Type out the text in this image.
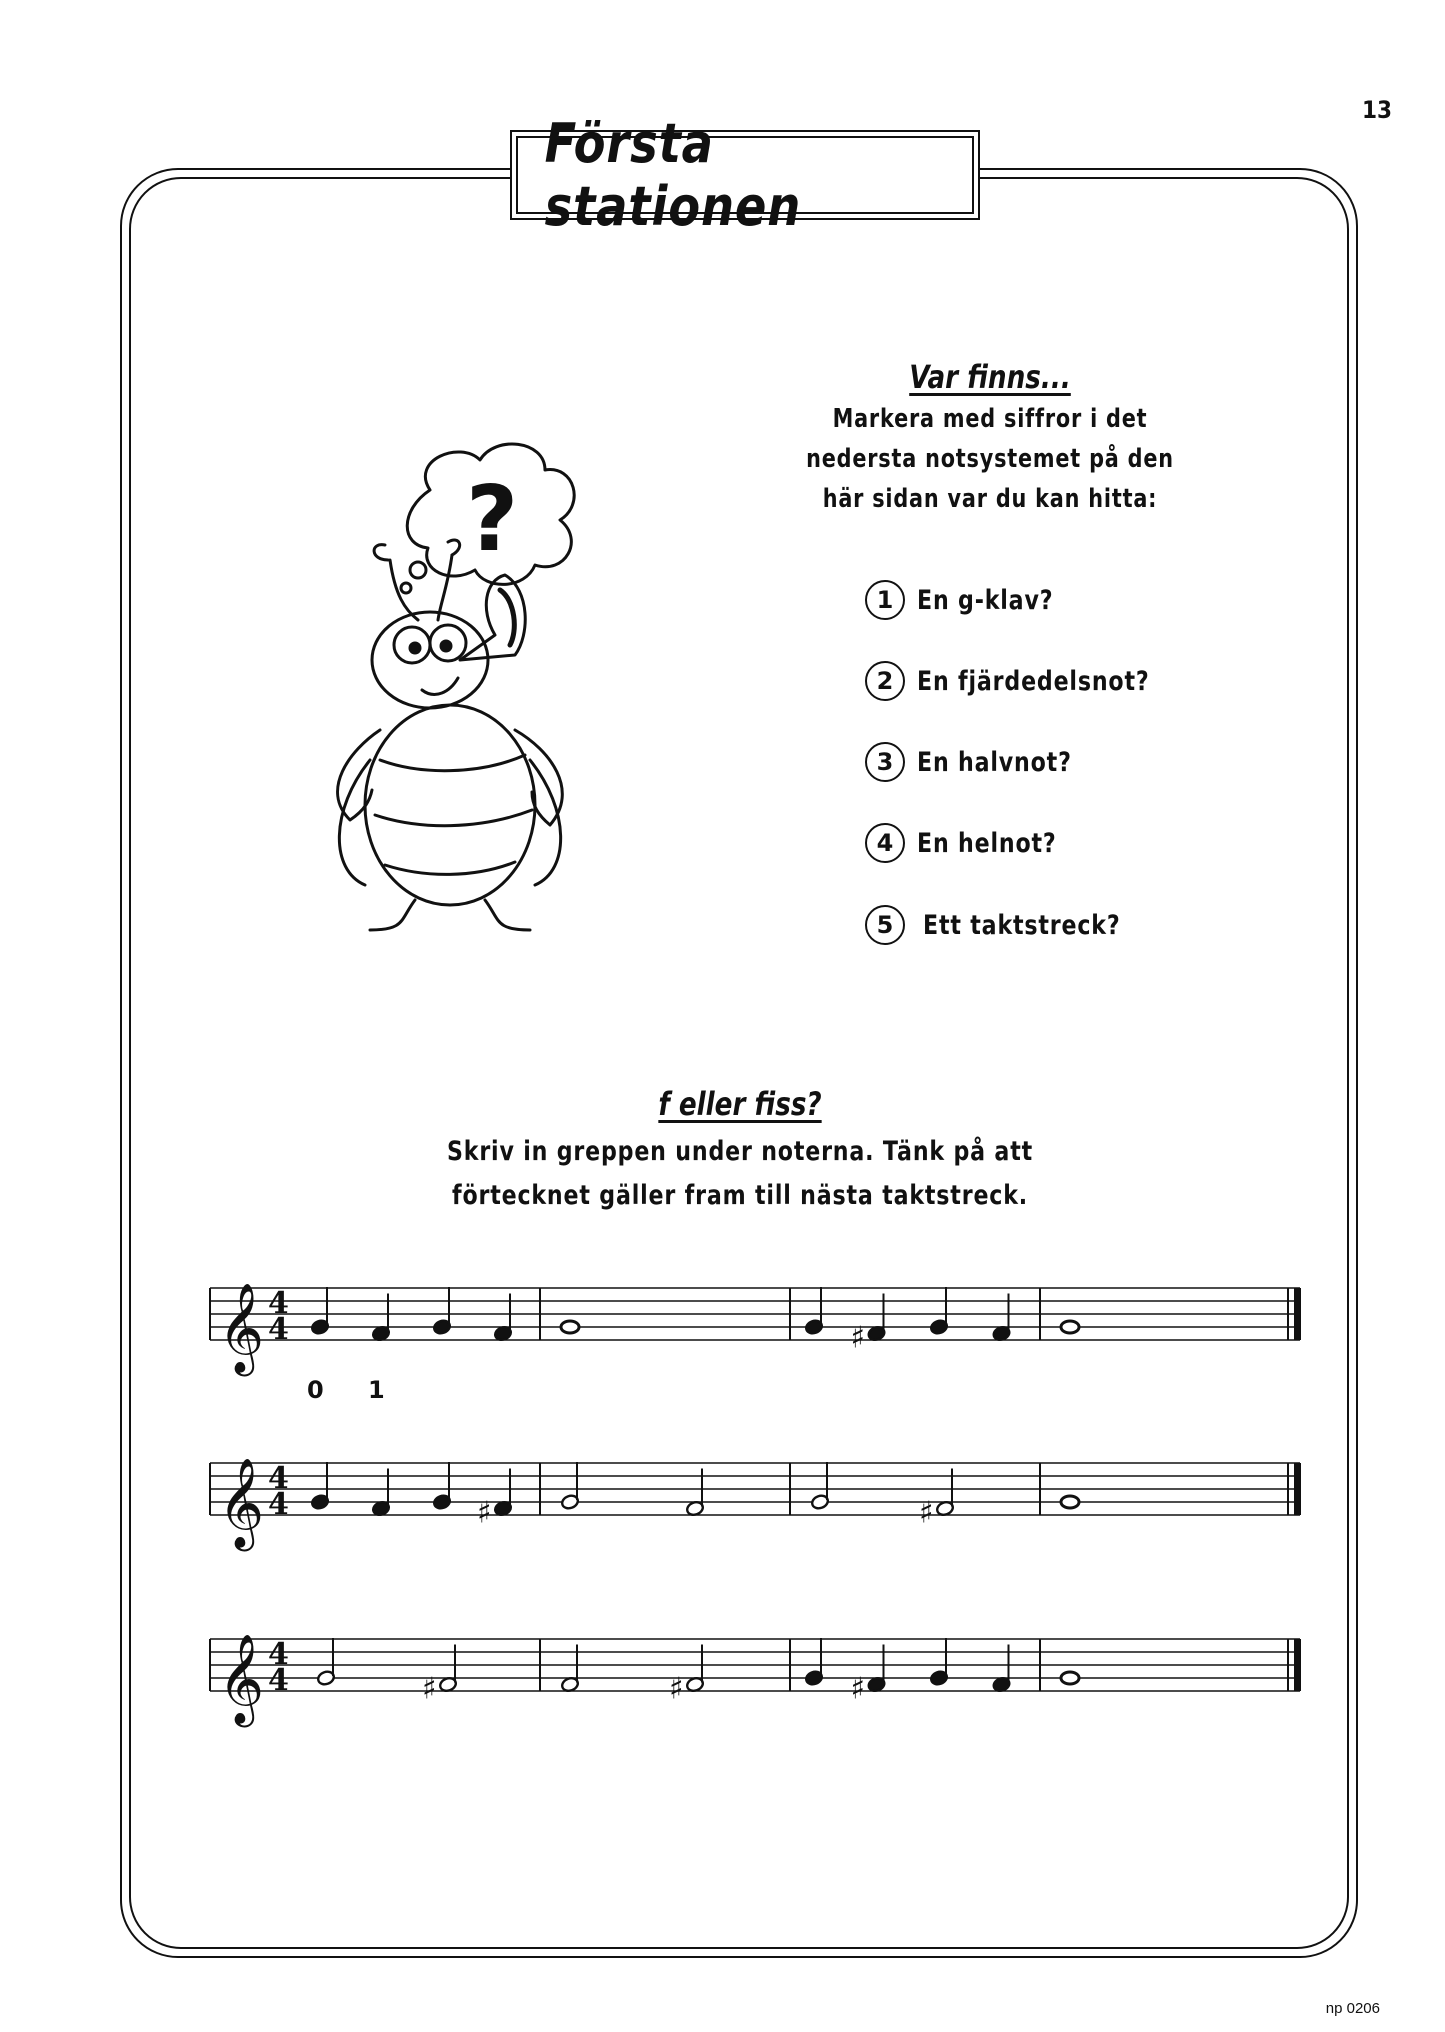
13
Första stationen
Var finns...
Markera med siffror i det
nedersta notsystemet på den
här sidan var du kan hitta:
1 En g-klav?
2 En fjärdedelsnot?
3 En halvnot?
4 En helnot?
5	Ett taktstreck?
?
f eller fiss?
Skriv in greppen under noterna. Tänk på att
förtecknet gäller fram till nästa taktstreck.
𝄞 4
4	♯
𝄞 4
4	♯	♯
𝄞 4
4	♯	♯	♯
0 1
np 0206
